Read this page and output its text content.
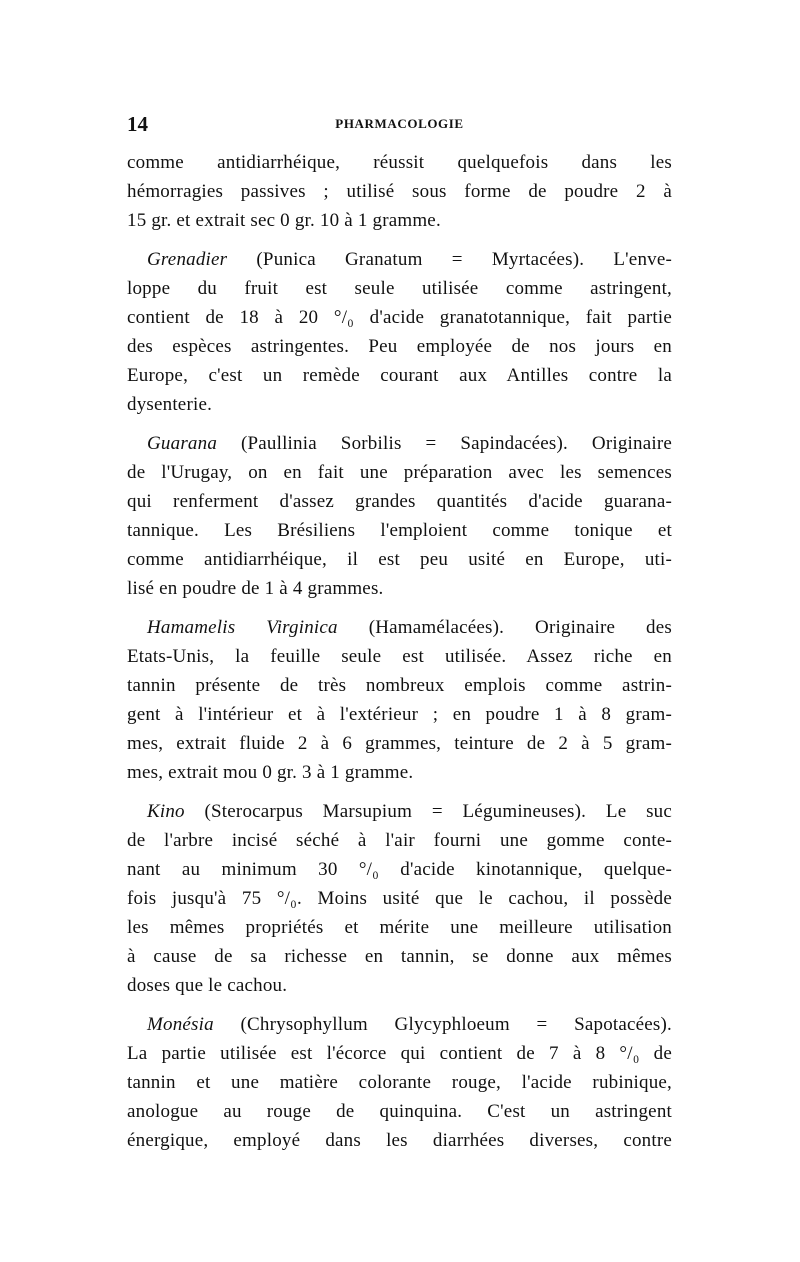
14	PHARMACOLOGIE
comme antidiarrhéique, réussit quelquefois dans les
hémorragies passives ; utilisé sous forme de poudre 2 à
15 gr. et extrait sec 0 gr. 10 à 1 gramme.
Grenadier (Punica Granatum = Myrtacées). L'enve-
loppe du fruit est seule utilisée comme astringent,
contient de 18 à 20 °/₀ d'acide granatotannique, fait partie
des espèces astringentes. Peu employée de nos jours en
Europe, c'est un remède courant aux Antilles contre la
dysenterie.
Guarana (Paullinia Sorbilis = Sapindacées). Originaire
de l'Urugay, on en fait une préparation avec les semences
qui renferment d'assez grandes quantités d'acide guarana-
tannique. Les Brésiliens l'emploient comme tonique et
comme antidiarrhéique, il est peu usité en Europe, uti-
lisé en poudre de 1 à 4 grammes.
Hamamelis Virginica (Hamamélacées). Originaire des
Etats-Unis, la feuille seule est utilisée. Assez riche en
tannin présente de très nombreux emplois comme astrin-
gent à l'intérieur et à l'extérieur ; en poudre 1 à 8 gram-
mes, extrait fluide 2 à 6 grammes, teinture de 2 à 5 gram-
mes, extrait mou 0 gr. 3 à 1 gramme.
Kino (Sterocarpus Marsupium = Légumineuses). Le suc
de l'arbre incisé séché à l'air fourni une gomme conte-
nant au minimum 30 °/₀ d'acide kinotannique, quelque-
fois jusqu'à 75 °/₀. Moins usité que le cachou, il possède
les mêmes propriétés et mérite une meilleure utilisation
à cause de sa richesse en tannin, se donne aux mêmes
doses que le cachou.
Monésia (Chrysophyllum Glycyphloeum = Sapotacées).
La partie utilisée est l'écorce qui contient de 7 à 8 °/₀ de
tannin et une matière colorante rouge, l'acide rubinique,
anologue au rouge de quinquina. C'est un astringent
énergique, employé dans les diarrhées diverses, contre
